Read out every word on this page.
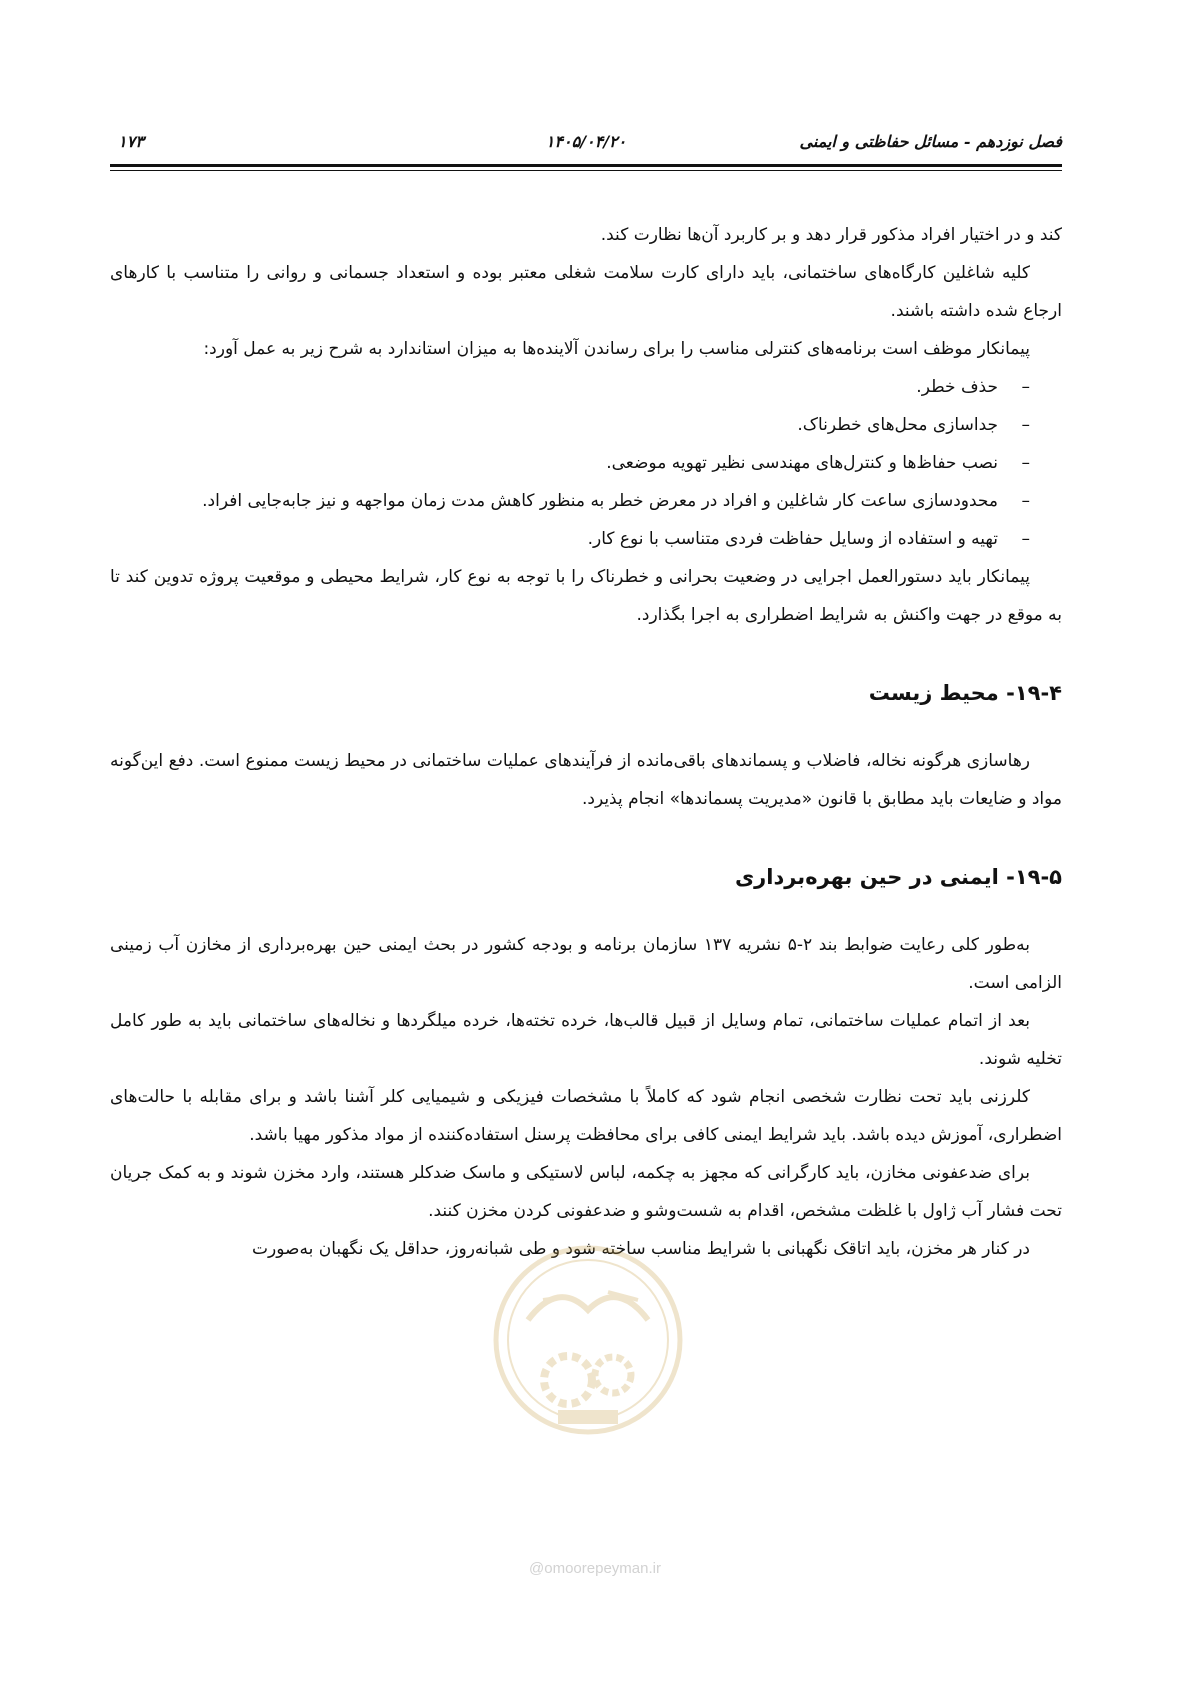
فصل نوزدهم - مسائل حفاظتی و ایمنی
۱۴۰۵/۰۴/۲۰
۱۷۳

کند و در اختیار افراد مذکور قرار دهد و بر کاربرد آن‌ها نظارت کند.

کلیه شاغلین کارگاه‌های ساختمانی، باید دارای کارت سلامت شغلی معتبر بوده و استعداد جسمانی و روانی را متناسب با کارهای ارجاع شده داشته باشند.

پیمانکار موظف است برنامه‌های کنترلی مناسب را برای رساندن آلاینده‌ها به میزان استاندارد به شرح زیر به عمل آورد:

–
حذف خطر.
–
جداسازی محل‌های خطرناک.
–
نصب حفاظ‌ها و کنترل‌های مهندسی نظیر تهویه موضعی.
–
محدودسازی ساعت کار شاغلین و افراد در معرض خطر به منظور کاهش مدت زمان مواجهه و نیز جابه‌جایی افراد.
–
تهیه و استفاده از وسایل حفاظت فردی متناسب با نوع کار.

پیمانکار باید دستورالعمل اجرایی در وضعیت بحرانی و خطرناک را با توجه به نوع کار، شرایط محیطی و موقعیت پروژه تدوین کند تا به موقع در جهت واکنش به شرایط اضطراری به اجرا بگذارد.

۱۹-۴- محیط زیست

رهاسازی هرگونه نخاله، فاضلاب و پسماندهای باقی‌مانده از فرآیندهای عملیات ساختمانی در محیط زیست ممنوع است. دفع این‌گونه مواد و ضایعات باید مطابق با قانون «مدیریت پسماندها» انجام پذیرد.

۱۹-۵- ایمنی در حین بهره‌برداری

به‌طور کلی رعایت ضوابط بند ۲-۵ نشریه ۱۳۷ سازمان برنامه و بودجه کشور در بحث ایمنی حین بهره‌برداری از مخازن آب زمینی الزامی است.

بعد از اتمام عملیات ساختمانی، تمام وسایل از قبیل قالب‌ها، خرده تخته‌ها، خرده میلگردها و نخاله‌های ساختمانی باید به طور کامل تخلیه شوند.

کلرزنی باید تحت نظارت شخصی انجام شود که کاملاً با مشخصات فیزیکی و شیمیایی کلر آشنا باشد و برای مقابله با حالت‌های اضطراری، آموزش دیده باشد. باید شرایط ایمنی کافی برای محافظت پرسنل استفاده‌کننده از مواد مذکور مهیا باشد.

برای ضدعفونی مخازن، باید کارگرانی که مجهز به چکمه، لباس لاستیکی و ماسک ضدکلر هستند، وارد مخزن شوند و به کمک جریان تحت فشار آب ژاول با غلظت مشخص، اقدام به شست‌وشو و ضدعفونی کردن مخزن کنند.

در کنار هر مخزن، باید اتاقک نگهبانی با شرایط مناسب ساخته شود و طی شبانه‌روز، حداقل یک نگهبان به‌صورت

@omoorepeyman.ir
